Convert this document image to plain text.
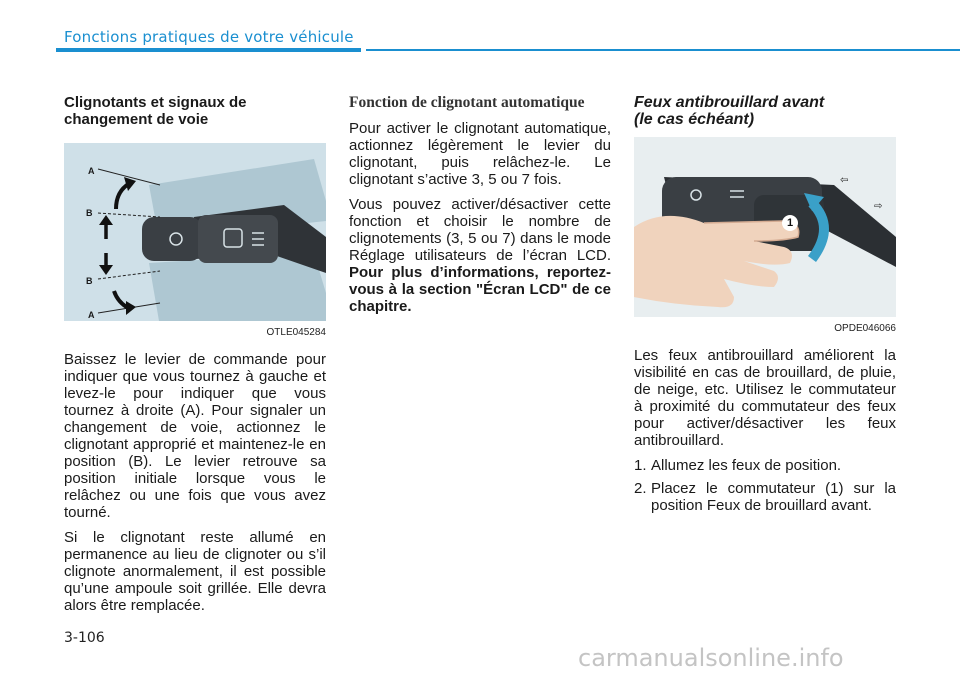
Fonctions pratiques de votre véhicule
Clignotants et signaux de
changement de voie
A
B
B
A
OTLE045284

Baissez le levier de commande pour indiquer que vous tournez à gauche et levez-le pour indiquer que vous tournez à droite (A). Pour signaler un changement de voie, actionnez le clignotant approprié et maintenez-le en position (B). Le levier retrouve sa position initiale lorsque vous le relâchez ou une fois que vous avez tourné.

Si le clignotant reste allumé en permanence au lieu de clignoter ou s’il clignote anormalement, il est possible qu’une ampoule soit grillée. Elle devra alors être remplacée.

Fonction de clignotant automatique

Pour activer le clignotant automatique, actionnez légèrement le levier du clignotant, puis relâchez-le. Le clignotant s’active 3, 5 ou 7 fois.

Vous pouvez activer/désactiver cette fonction et choisir le nombre de clignotements (3, 5 ou 7) dans le mode Réglage utilisateurs de l’écran LCD. Pour plus d’informations, reportez-vous à la section "Écran LCD" de ce chapitre.

Feux antibrouillard avant
(le cas échéant)
⇦
⇨
1
OPDE046066

Les feux antibrouillard améliorent la visibilité en cas de brouillard, de pluie, de neige, etc. Utilisez le commutateur à proximité du commutateur des feux pour activer/désactiver les feux antibrouillard.

1. Allumez les feux de position.
2. Placez le commutateur (1) sur la position Feux de brouillard avant.
3-106
carmanualsonline.info
